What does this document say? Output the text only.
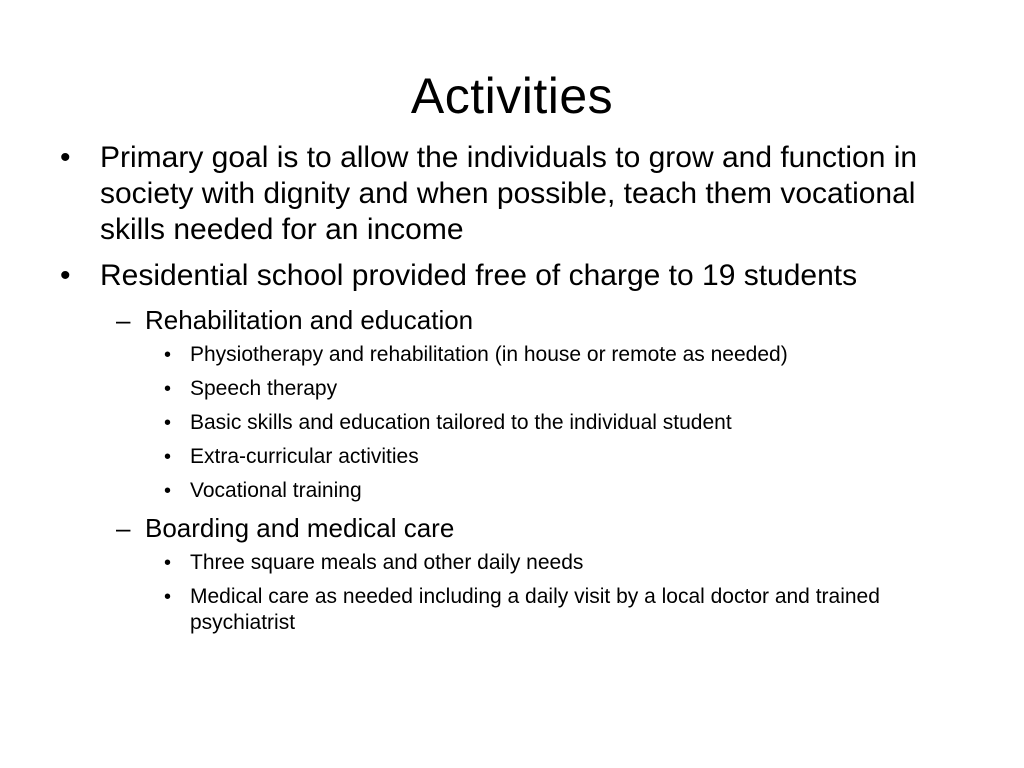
Activities
• Primary goal is to allow the individuals to grow and function in society with dignity and when possible, teach them vocational skills needed for an income
• Residential school provided free of charge to 19 students
– Rehabilitation and education
• Physiotherapy and rehabilitation (in house or remote as needed)
• Speech therapy
• Basic skills and education tailored to the individual student
• Extra-curricular activities
• Vocational training
– Boarding and medical care
• Three square meals and other daily needs
• Medical care as needed including a daily visit by a local doctor and trained psychiatrist
